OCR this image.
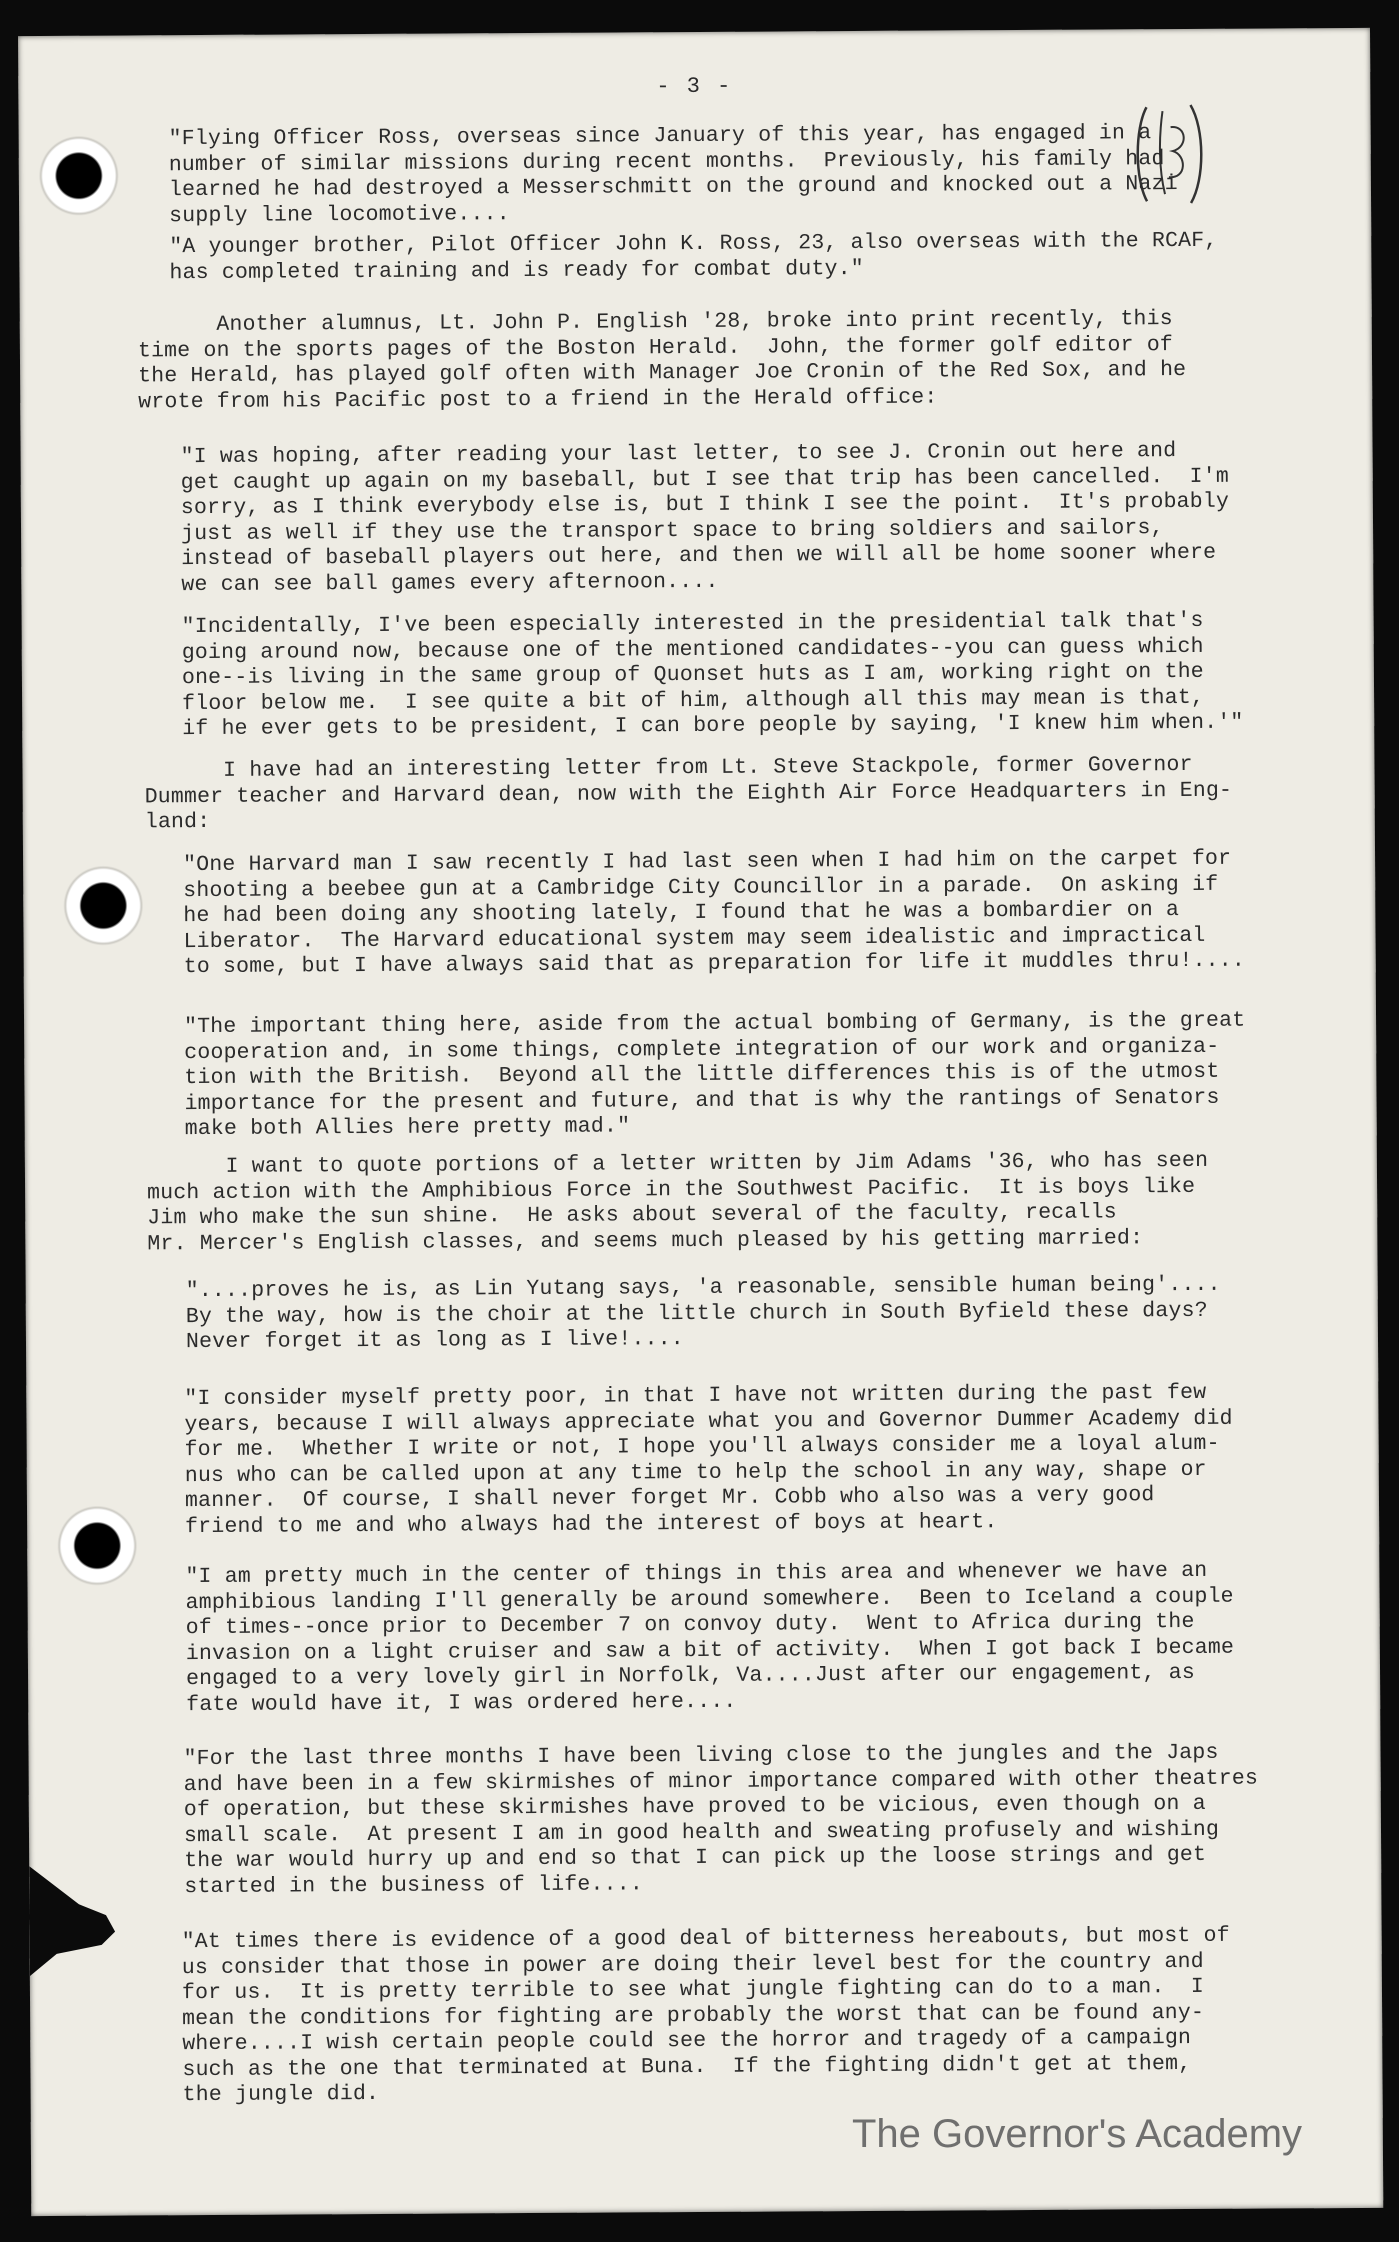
- 3 -
"Flying Officer Ross, overseas since January of this year, has engaged in a
number of similar missions during recent months.  Previously, his family had
learned he had destroyed a Messerschmitt on the ground and knocked out a Nazi
supply line locomotive....
"A younger brother, Pilot Officer John K. Ross, 23, also overseas with the RCAF,
has completed training and is ready for combat duty."
Another alumnus, Lt. John P. English '28, broke into print recently, this
time on the sports pages of the Boston Herald.  John, the former golf editor of
the Herald, has played golf often with Manager Joe Cronin of the Red Sox, and he
wrote from his Pacific post to a friend in the Herald office:
"I was hoping, after reading your last letter, to see J. Cronin out here and
get caught up again on my baseball, but I see that trip has been cancelled.  I'm
sorry, as I think everybody else is, but I think I see the point.  It's probably
just as well if they use the transport space to bring soldiers and sailors,
instead of baseball players out here, and then we will all be home sooner where
we can see ball games every afternoon....
"Incidentally, I've been especially interested in the presidential talk that's
going around now, because one of the mentioned candidates--you can guess which
one--is living in the same group of Quonset huts as I am, working right on the
floor below me.  I see quite a bit of him, although all this may mean is that,
if he ever gets to be president, I can bore people by saying, 'I knew him when.'"
I have had an interesting letter from Lt. Steve Stackpole, former Governor
Dummer teacher and Harvard dean, now with the Eighth Air Force Headquarters in Eng-
land:
"One Harvard man I saw recently I had last seen when I had him on the carpet for
shooting a beebee gun at a Cambridge City Councillor in a parade.  On asking if
he had been doing any shooting lately, I found that he was a bombardier on a
Liberator.  The Harvard educational system may seem idealistic and impractical
to some, but I have always said that as preparation for life it muddles thru!....
"The important thing here, aside from the actual bombing of Germany, is the great
cooperation and, in some things, complete integration of our work and organiza-
tion with the British.  Beyond all the little differences this is of the utmost
importance for the present and future, and that is why the rantings of Senators
make both Allies here pretty mad."
I want to quote portions of a letter written by Jim Adams '36, who has seen
much action with the Amphibious Force in the Southwest Pacific.  It is boys like
Jim who make the sun shine.  He asks about several of the faculty, recalls
Mr. Mercer's English classes, and seems much pleased by his getting married:
"....proves he is, as Lin Yutang says, 'a reasonable, sensible human being'....
By the way, how is the choir at the little church in South Byfield these days?
Never forget it as long as I live!....
"I consider myself pretty poor, in that I have not written during the past few
years, because I will always appreciate what you and Governor Dummer Academy did
for me.  Whether I write or not, I hope you'll always consider me a loyal alum-
nus who can be called upon at any time to help the school in any way, shape or
manner.  Of course, I shall never forget Mr. Cobb who also was a very good
friend to me and who always had the interest of boys at heart.
"I am pretty much in the center of things in this area and whenever we have an
amphibious landing I'll generally be around somewhere.  Been to Iceland a couple
of times--once prior to December 7 on convoy duty.  Went to Africa during the
invasion on a light cruiser and saw a bit of activity.  When I got back I became
engaged to a very lovely girl in Norfolk, Va....Just after our engagement, as
fate would have it, I was ordered here....
"For the last three months I have been living close to the jungles and the Japs
and have been in a few skirmishes of minor importance compared with other theatres
of operation, but these skirmishes have proved to be vicious, even though on a
small scale.  At present I am in good health and sweating profusely and wishing
the war would hurry up and end so that I can pick up the loose strings and get
started in the business of life....
"At times there is evidence of a good deal of bitterness hereabouts, but most of
us consider that those in power are doing their level best for the country and
for us.  It is pretty terrible to see what jungle fighting can do to a man.  I
mean the conditions for fighting are probably the worst that can be found any-
where....I wish certain people could see the horror and tragedy of a campaign
such as the one that terminated at Buna.  If the fighting didn't get at them,
the jungle did.
The Governor's Academy
